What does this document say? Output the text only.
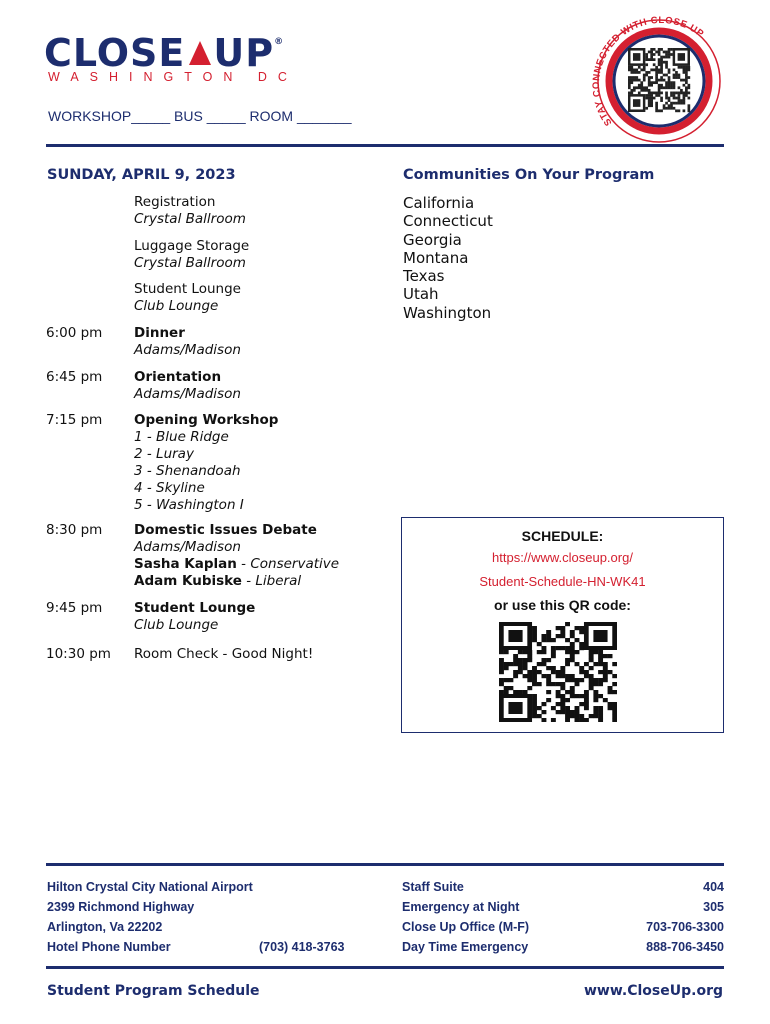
CLOSE UP®
WASHINGTON DC
WORKSHOP_____ BUS _____ ROOM _______	STAY CONNECTED WITH CLOSE UP
SUNDAY, APRIL 9, 2023	Communities On Your Program
Registration
Crystal Ballroom
Luggage Storage
Crystal Ballroom
Student Lounge
Club Lounge
6:00 pm Dinner
Adams/Madison
6:45 pm Orientation
Adams/Madison
7:15 pm Opening Workshop
1 - Blue Ridge
2 - Luray
3 - Shenandoah
4 - Skyline
5 - Washington I
8:30 pm Domestic Issues Debate
Adams/Madison
Sasha Kaplan - Conservative
Adam Kubiske - Liberal
9:45 pm Student Lounge
Club Lounge
10:30 pm Room Check - Good Night!
California
Connecticut
Georgia
Montana
Texas
Utah
Washington
SCHEDULE:
https://www.closeup.org/
Student-Schedule-HN-WK41
or use this QR code:
Hilton Crystal City National Airport
2399 Richmond Highway
Arlington, Va 22202
Hotel Phone Number	(703) 418-3763
Staff Suite	404
Emergency at Night	305
Close Up Office (M-F)	703-706-3300
Day Time Emergency	888-706-3450
Student Program Schedule	www.CloseUp.org
